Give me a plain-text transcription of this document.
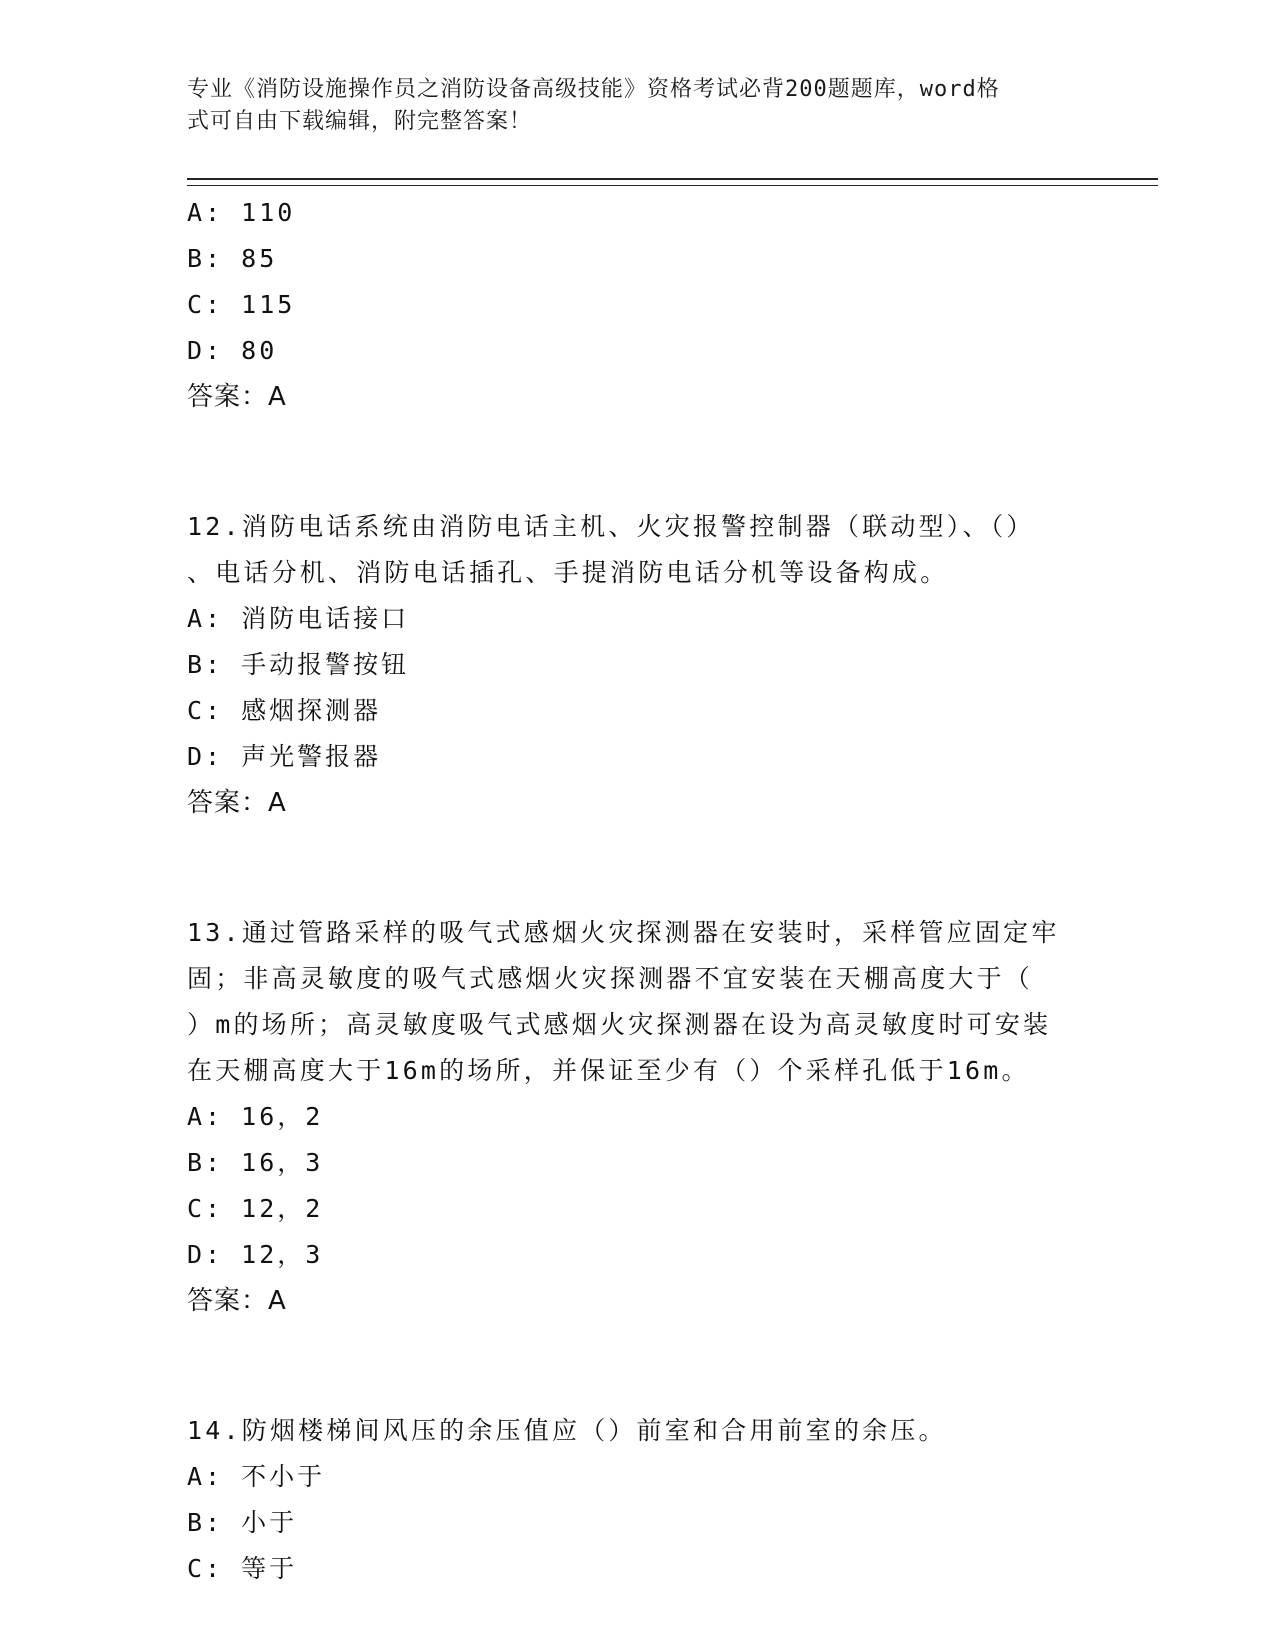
专业《消防设施操作员之消防设备高级技能》资格考试必背200题题库，word格
式可自由下载编辑，附完整答案！
A: 110
B: 85
C: 115
D: 80
答案：A
12.消防电话系统由消防电话主机、火灾报警控制器（联动型）、（）
、电话分机、消防电话插孔、手提消防电话分机等设备构成。
A: 消防电话接口
B: 手动报警按钮
C: 感烟探测器
D: 声光警报器
答案：A
13.通过管路采样的吸气式感烟火灾探测器在安装时，采样管应固定牢
固；非高灵敏度的吸气式感烟火灾探测器不宜安装在天棚高度大于（
）m的场所；高灵敏度吸气式感烟火灾探测器在设为高灵敏度时可安装
在天棚高度大于16m的场所，并保证至少有（）个采样孔低于16m。
A: 16，2
B: 16，3
C: 12，2
D: 12，3
答案：A
14.防烟楼梯间风压的余压值应（）前室和合用前室的余压。
A: 不小于
B: 小于
C: 等于
